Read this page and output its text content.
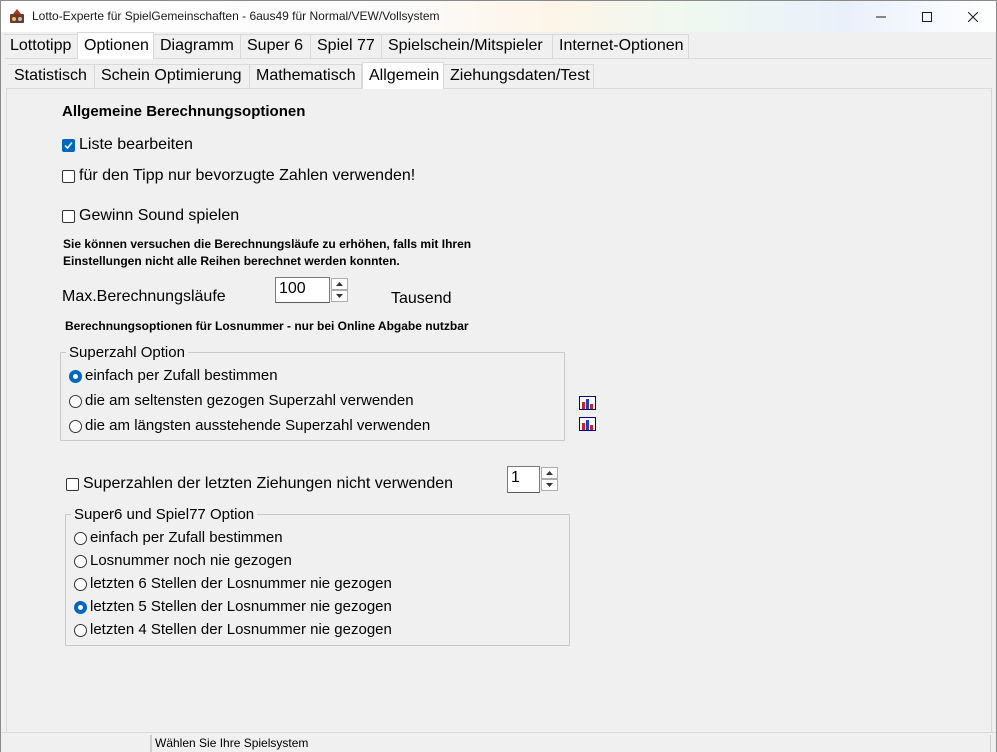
Lotto-Experte für SpielGemeinschaften - 6aus49 für Normal/VEW/Vollsystem
Lottotipp Optionen Diagramm Super 6 Spiel 77 Spielschein/Mitspieler	Internet-Optionen
Statistisch Schein Optimierung Mathematisch Allgemein Ziehungsdaten/Test
Allgemeine Berechnungsoptionen
Liste bearbeiten
für den Tipp nur bevorzugte Zahlen verwenden!
Gewinn Sound spielen
Sie können versuchen die Berechnungsläufe zu erhöhen, falls mit Ihren
Einstellungen nicht alle Reihen berechnet werden konnten.
Max.Berechnungsläufe	100
Tausend
Berechnungsoptionen für Losnummer - nur bei Online Abgabe nutzbar
Superzahl Option
einfach per Zufall bestimmen
die am seltensten gezogen Superzahl verwenden
die am längsten ausstehende Superzahl verwenden
Superzahlen der letzten Ziehungen nicht verwenden	1
Super6 und Spiel77 Option
einfach per Zufall bestimmen
Losnummer noch nie gezogen
letzten 6 Stellen der Losnummer nie gezogen
letzten 5 Stellen der Losnummer nie gezogen
letzten 4 Stellen der Losnummer nie gezogen
Wählen Sie Ihre Spielsystem
